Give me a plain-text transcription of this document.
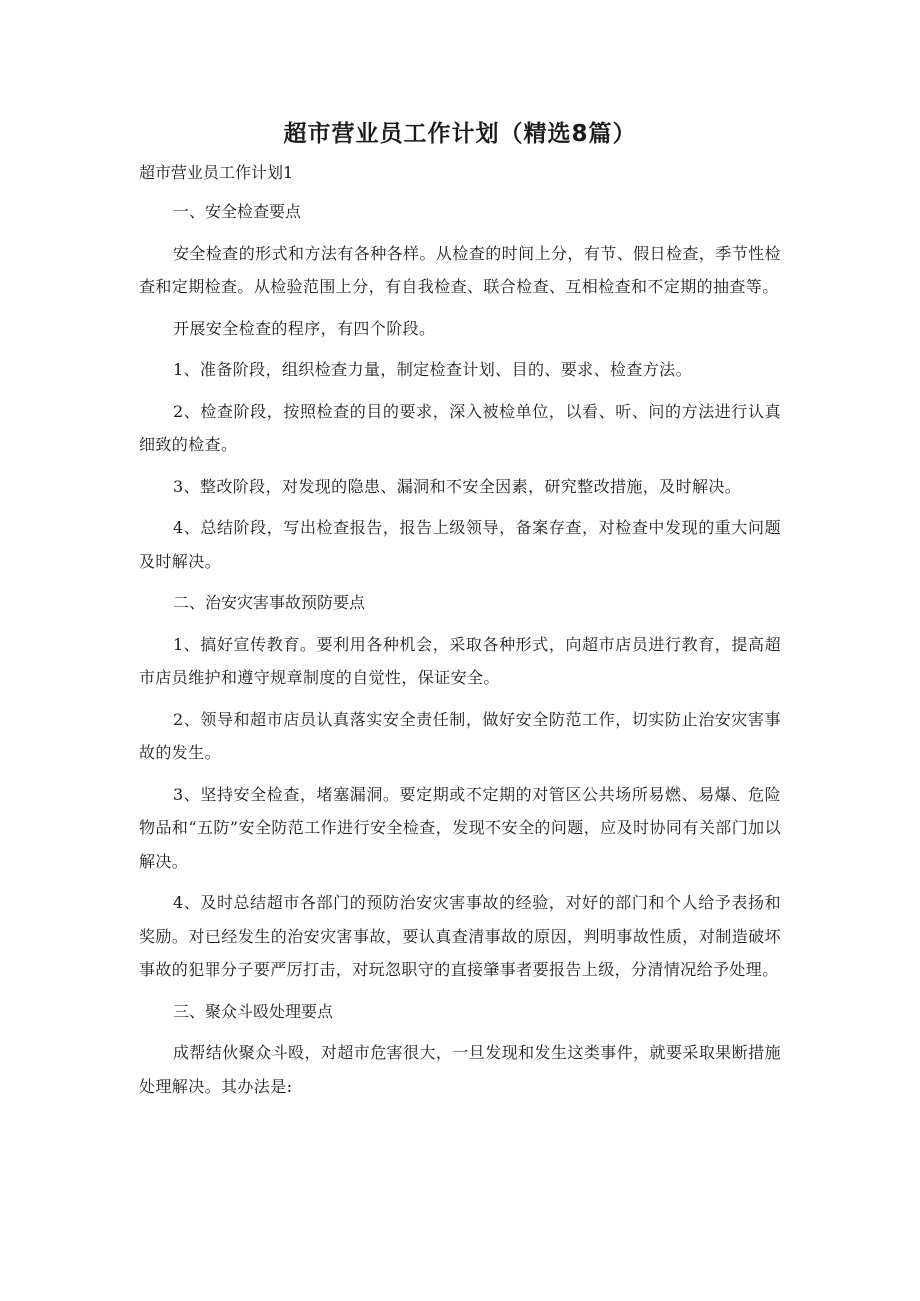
超市营业员工作计划（精选8篇）

超市营业员工作计划1

一、安全检查要点

安全检查的形式和方法有各种各样。从检查的时间上分，有节、假日检查，季节性检查和定期检查。从检验范围上分，有自我检查、联合检查、互相检查和不定期的抽查等。

开展安全检查的程序，有四个阶段。

1、准备阶段，组织检查力量，制定检查计划、目的、要求、检查方法。

2、检查阶段，按照检查的目的要求，深入被检单位，以看、听、问的方法进行认真细致的检查。

3、整改阶段，对发现的隐患、漏洞和不安全因素，研究整改措施，及时解决。

4、总结阶段，写出检查报告，报告上级领导，备案存查，对检查中发现的重大问题及时解决。

二、治安灾害事故预防要点

1、搞好宣传教育。要利用各种机会，采取各种形式，向超市店员进行教育，提高超市店员维护和遵守规章制度的自觉性，保证安全。

2、领导和超市店员认真落实安全责任制，做好安全防范工作，切实防止治安灾害事故的发生。

3、坚持安全检查，堵塞漏洞。要定期或不定期的对管区公共场所易燃、易爆、危险物品和“五防”安全防范工作进行安全检查，发现不安全的问题，应及时协同有关部门加以解决。

4、及时总结超市各部门的预防治安灾害事故的经验，对好的部门和个人给予表扬和奖励。对已经发生的治安灾害事故，要认真查清事故的原因，判明事故性质，对制造破坏事故的犯罪分子要严厉打击，对玩忽职守的直接肇事者要报告上级，分清情况给予处理。

三、聚众斗殴处理要点

成帮结伙聚众斗殴，对超市危害很大，一旦发现和发生这类事件，就要采取果断措施处理解决。其办法是:
